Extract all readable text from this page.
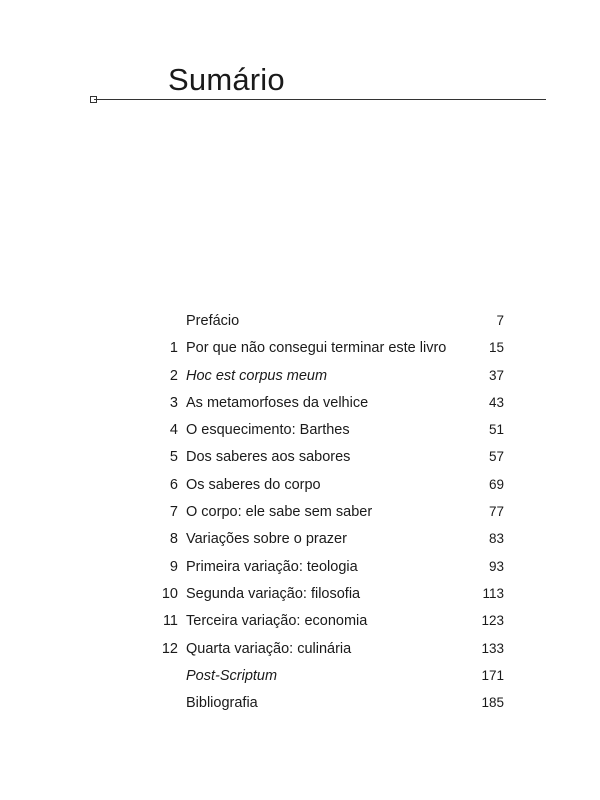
Sumário
Prefácio	7
1 Por que não consegui terminar este livro	15
2 Hoc est corpus meum	37
3 As metamorfoses da velhice	43
4 O esquecimento: Barthes	51
5 Dos saberes aos sabores	57
6 Os saberes do corpo	69
7 O corpo: ele sabe sem saber	77
8 Variações sobre o prazer	83
9 Primeira variação: teologia	93
10 Segunda variação: filosofia	113
11 Terceira variação: economia	123
12 Quarta variação: culinária	133
Post-Scriptum	171
Bibliografia	185
